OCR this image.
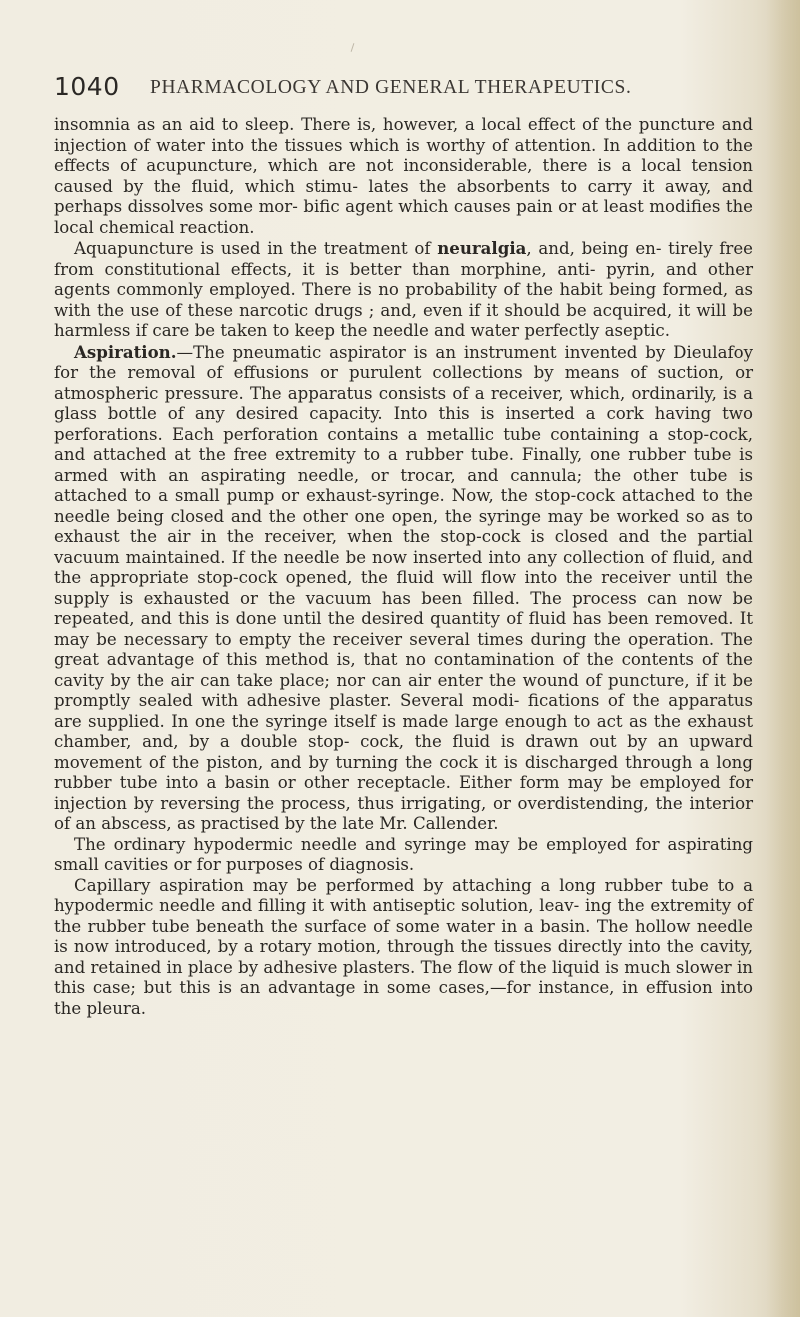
1040 PHARMACOLOGY AND GENERAL THERAPEUTICS.

insomnia as an aid to sleep. There is, however, a local effect of the puncture and injection of water into the tissues which is worthy of attention. In addition to the effects of acupuncture, which are not inconsiderable, there is a local tension caused by the fluid, which stimu- lates the absorbents to carry it away, and perhaps dissolves some mor- bific agent which causes pain or at least modifies the local chemical reaction.

Aquapuncture is used in the treatment of neuralgia, and, being en- tirely free from constitutional effects, it is better than morphine, anti- pyrin, and other agents commonly employed. There is no probability of the habit being formed, as with the use of these narcotic drugs ; and, even if it should be acquired, it will be harmless if care be taken to keep the needle and water perfectly aseptic.

Aspiration.—The pneumatic aspirator is an instrument invented by Dieulafoy for the removal of effusions or purulent collections by means of suction, or atmospheric pressure. The apparatus consists of a receiver, which, ordinarily, is a glass bottle of any desired capacity. Into this is inserted a cork having two perforations. Each perforation contains a metallic tube containing a stop-cock, and attached at the free extremity to a rubber tube. Finally, one rubber tube is armed with an aspirating needle, or trocar, and cannula; the other tube is attached to a small pump or exhaust-syringe. Now, the stop-cock attached to the needle being closed and the other one open, the syringe may be worked so as to exhaust the air in the receiver, when the stop-cock is closed and the partial vacuum maintained. If the needle be now inserted into any collection of fluid, and the appropriate stop-cock opened, the fluid will flow into the receiver until the supply is exhausted or the vacuum has been filled. The process can now be repeated, and this is done until the desired quantity of fluid has been removed. It may be necessary to empty the receiver several times during the operation. The great advantage of this method is, that no contamination of the contents of the cavity by the air can take place; nor can air enter the wound of puncture, if it be promptly sealed with adhesive plaster. Several modi- fications of the apparatus are supplied. In one the syringe itself is made large enough to act as the exhaust chamber, and, by a double stop- cock, the fluid is drawn out by an upward movement of the piston, and by turning the cock it is discharged through a long rubber tube into a basin or other receptacle. Either form may be employed for injection by reversing the process, thus irrigating, or overdistending, the interior of an abscess, as practised by the late Mr. Callender.

The ordinary hypodermic needle and syringe may be employed for aspirating small cavities or for purposes of diagnosis.

Capillary aspiration may be performed by attaching a long rubber tube to a hypodermic needle and filling it with antiseptic solution, leav- ing the extremity of the rubber tube beneath the surface of some water in a basin. The hollow needle is now introduced, by a rotary motion, through the tissues directly into the cavity, and retained in place by adhesive plasters. The flow of the liquid is much slower in this case; but this is an advantage in some cases,—for instance, in effusion into the pleura.
